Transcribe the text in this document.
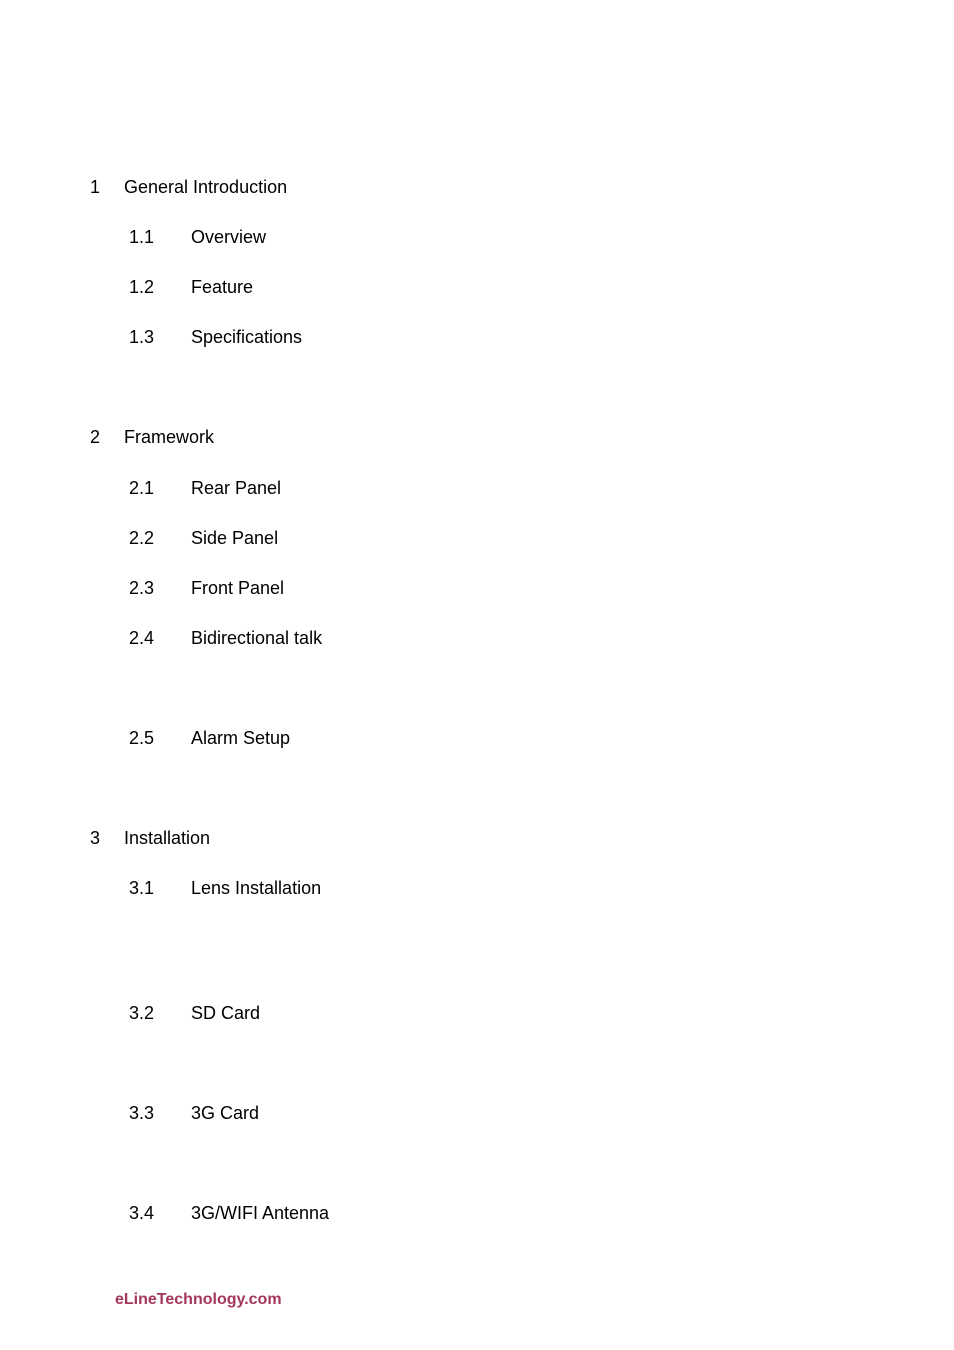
1 General Introduction
1.1 Overview
1.2 Feature
1.3 Specifications
2 Framework
2.1 Rear Panel
2.2 Side Panel
2.3 Front Panel
2.4 Bidirectional talk
2.5 Alarm Setup
3 Installation
3.1 Lens Installation
3.2 SD Card
3.3 3G Card
3.4 3G/WIFI Antenna
eLineTechnology.com
